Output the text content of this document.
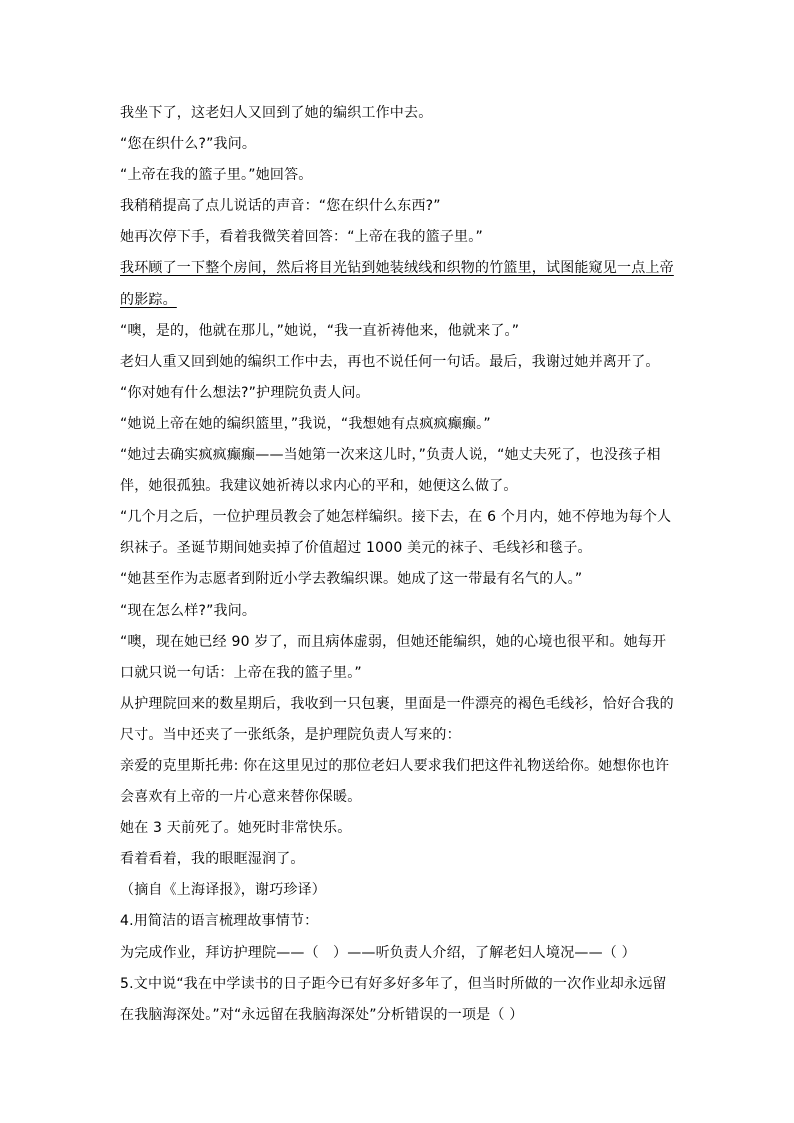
我坐下了，这老妇人又回到了她的编织工作中去。

“您在织什么?”我问。

“上帝在我的篮子里。”她回答。

我稍稍提高了点儿说话的声音：“您在织什么东西?”

她再次停下手，看着我微笑着回答：“上帝在我的篮子里。”

我环顾了一下整个房间，然后将目光钻到她装绒线和织物的竹篮里，试图能窥见一点上帝的影踪。

“噢，是的，他就在那儿，”她说，“我一直祈祷他来，他就来了。”

老妇人重又回到她的编织工作中去，再也不说任何一句话。最后，我谢过她并离开了。

“你对她有什么想法?”护理院负责人问。

“她说上帝在她的编织篮里，”我说，“我想她有点疯疯癫癫。”

“她过去确实疯疯癫癫——当她第一次来这儿时，”负责人说，“她丈夫死了，也没孩子相伴，她很孤独。我建议她祈祷以求内心的平和，她便这么做了。

“几个月之后，一位护理员教会了她怎样编织。接下去，在 6 个月内，她不停地为每个人织袜子。圣诞节期间她卖掉了价值超过 1000 美元的袜子、毛线衫和毯子。

“她甚至作为志愿者到附近小学去教编织课。她成了这一带最有名气的人。”

“现在怎么样?”我问。

“噢，现在她已经 90 岁了，而且病体虚弱，但她还能编织，她的心境也很平和。她每开口就只说一句话：上帝在我的篮子里。”

从护理院回来的数星期后，我收到一只包裹，里面是一件漂亮的褐色毛线衫，恰好合我的尺寸。当中还夹了一张纸条，是护理院负责人写来的：

亲爱的克里斯托弗: 你在这里见过的那位老妇人要求我们把这件礼物送给你。她想你也许会喜欢有上帝的一片心意来替你保暖。

她在 3 天前死了。她死时非常快乐。

看着看着，我的眼眶湿润了。

（摘自《上海译报》，谢巧珍译）

4.用简洁的语言梳理故事情节：

为完成作业，拜访护理院——（　）——听负责人介绍，了解老妇人境况——（ ）

5.文中说“我在中学读书的日子距今已有好多好多年了，但当时所做的一次作业却永远留在我脑海深处。”对“永远留在我脑海深处”分析错误的一项是（ ）
